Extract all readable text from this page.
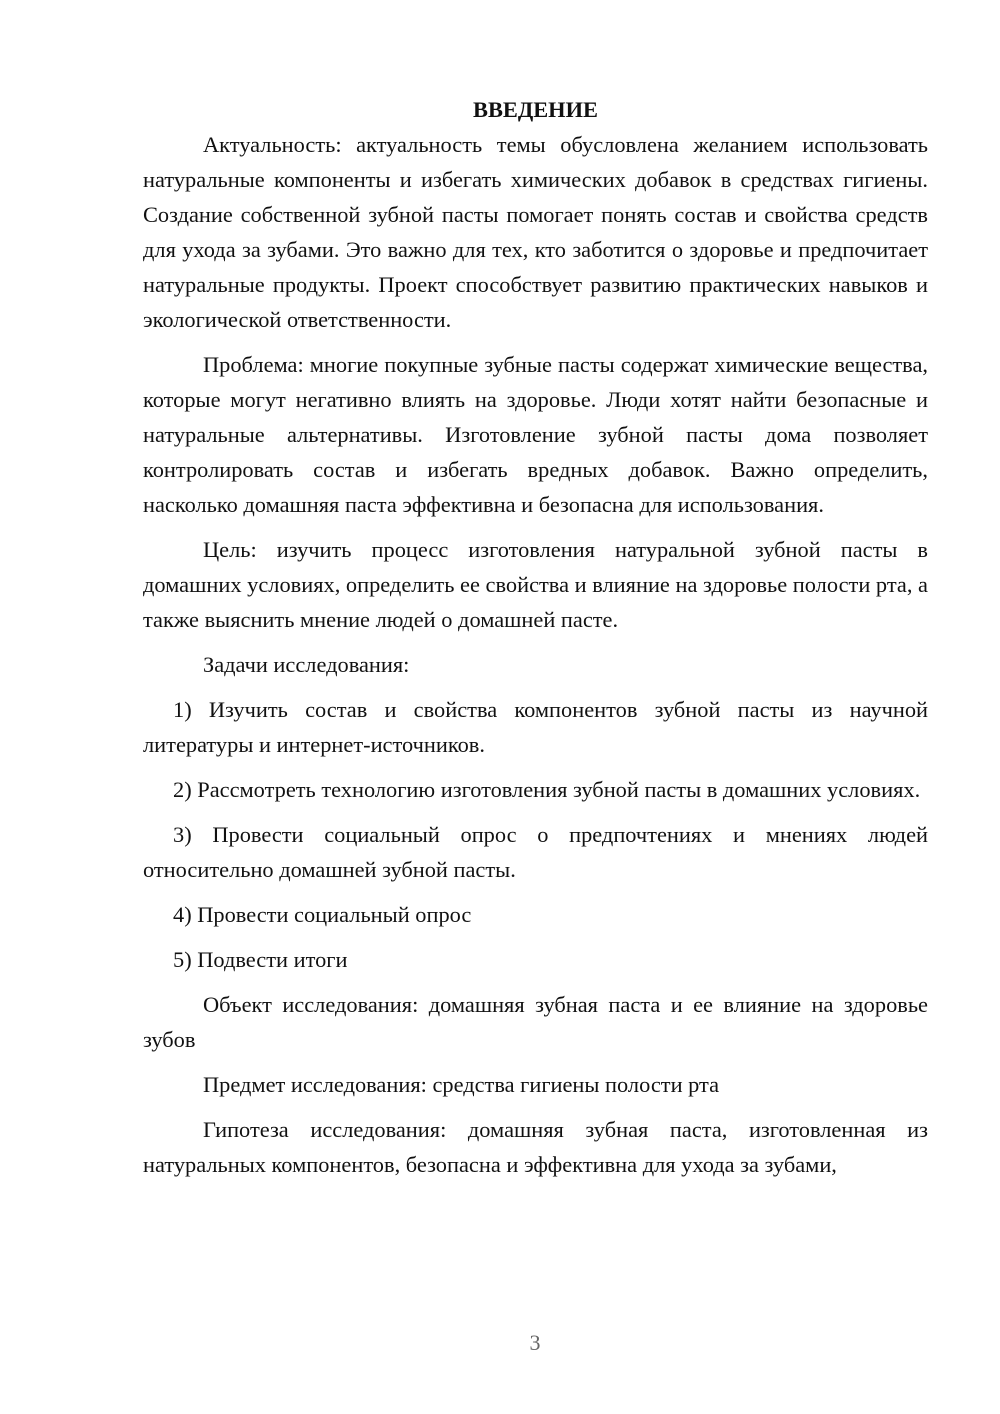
ВВЕДЕНИЕ

Актуальность: актуальность темы обусловлена желанием использовать натуральные компоненты и избегать химических добавок в средствах гигиены. Создание собственной зубной пасты помогает понять состав и свойства средств для ухода за зубами. Это важно для тех, кто заботится о здоровье и предпочитает натуральные продукты. Проект способствует развитию практических навыков и экологической ответственности.

Проблема: многие покупные зубные пасты содержат химические вещества, которые могут негативно влиять на здоровье. Люди хотят найти безопасные и натуральные альтернативы. Изготовление зубной пасты дома позволяет контролировать состав и избегать вредных добавок. Важно определить, насколько домашняя паста эффективна и безопасна для использования.

Цель: изучить процесс изготовления натуральной зубной пасты в домашних условиях, определить ее свойства и влияние на здоровье полости рта, а также выяснить мнение людей о домашней пасте.

Задачи исследования:

1) Изучить состав и свойства компонентов зубной пасты из научной литературы и интернет-источников.

2) Рассмотреть технологию изготовления зубной пасты в домашних условиях.

3) Провести социальный опрос о предпочтениях и мнениях людей относительно домашней зубной пасты.

4) Провести социальный опрос

5) Подвести итоги

Объект исследования: домашняя зубная паста и ее влияние на здоровье зубов

Предмет исследования: средства гигиены полости рта

Гипотеза исследования: домашняя зубная паста, изготовленная из натуральных компонентов, безопасна и эффективна для ухода за зубами,

3
